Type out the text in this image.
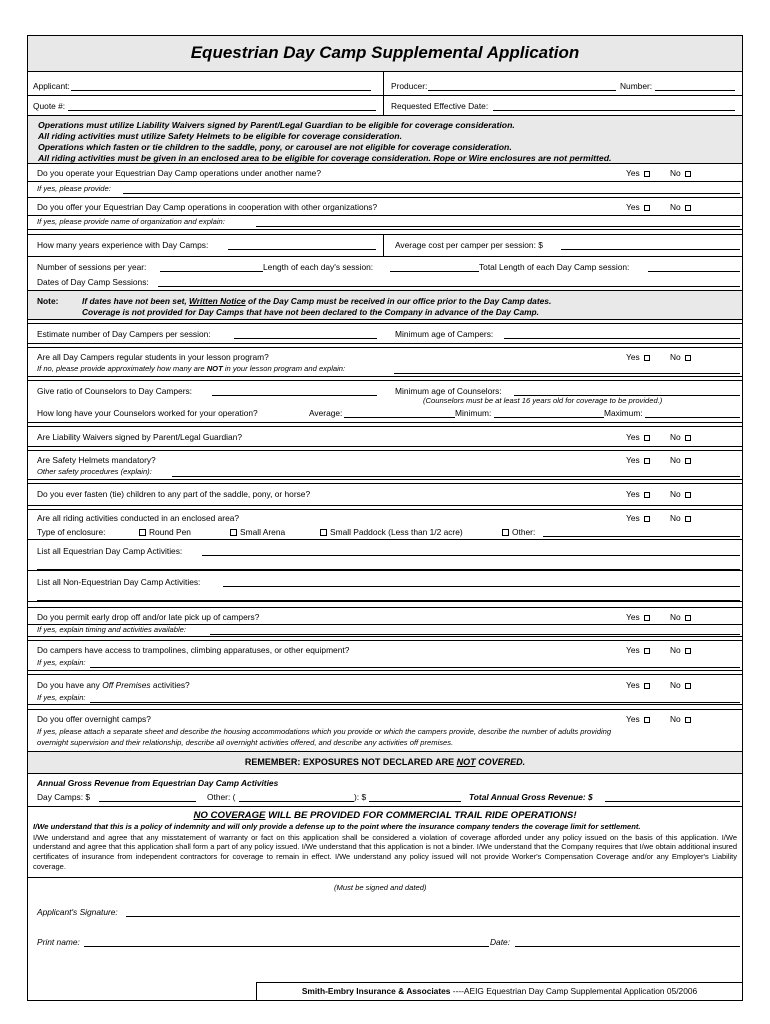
Equestrian Day Camp Supplemental Application
Applicant:	Producer:	Number:
Quote #:	Requested Effective Date:
Operations must utilize Liability Waivers signed by Parent/Legal Guardian to be eligible for coverage consideration.
All riding activities must utilize Safety Helmets to be eligible for coverage consideration.
Operations which fasten or tie children to the saddle, pony, or carousel are not eligible for coverage consideration.
All riding activities must be given in an enclosed area to be eligible for coverage consideration. Rope or Wire enclosures are not permitted.
Do you operate your Equestrian Day Camp operations under another name?	Yes	No
If yes, please provide:
Do you offer your Equestrian Day Camp operations in cooperation with other organizations?	Yes	No
If yes, please provide name of organization and explain:
How many years experience with Day Camps:	Average cost per camper per session: $
Number of sessions per year:	Length of each day's session:	Total Length of each Day Camp session:
Dates of Day Camp Sessions:
Note:	If dates have not been set, Written Notice of the Day Camp must be received in our office prior to the Day Camp dates.
Coverage is not provided for Day Camps that have not been declared to the Company in advance of the Day Camp.
Estimate number of Day Campers per session:	Minimum age of Campers:
Are all Day Campers regular students in your lesson program?	Yes	No
If no, please provide approximately how many are NOT in your lesson program and explain:
Give ratio of Counselors to Day Campers:	Minimum age of Counselors:
(Counselors must be at least 16 years old for coverage to be provided.)
How long have your Counselors worked for your operation?	Average:	Minimum:	Maximum:
Are Liability Waivers signed by Parent/Legal Guardian?	Yes	No
Are Safety Helmets mandatory?	Yes	No
Other safety procedures (explain):
Do you ever fasten (tie) children to any part of the saddle, pony, or horse?	Yes	No
Are all riding activities conducted in an enclosed area?	Yes	No
Type of enclosure:	Round Pen	Small Arena	Small Paddock (Less than 1/2 acre)	Other:
List all Equestrian Day Camp Activities:
List all Non-Equestrian Day Camp Activities:
Do you permit early drop off and/or late pick up of campers?	Yes	No
If yes, explain timing and activities available:
Do campers have access to trampolines, climbing apparatuses, or other equipment?	Yes	No
If yes, explain:
Do you have any Off Premises activities?	Yes	No
If yes, explain:
Do you offer overnight camps?	Yes	No
If yes, please attach a separate sheet and describe the housing accommodations which you provide or which the campers provide, describe the number of adults providing
overnight supervision and their relationship, describe all overnight activities offered, and describe any activities off premises.
REMEMBER: EXPOSURES NOT DECLARED ARE NOT COVERED.
Annual Gross Revenue from Equestrian Day Camp Activities
Day Camps: $	Other: (	): $	Total Annual Gross Revenue: $
NO COVERAGE WILL BE PROVIDED FOR COMMERCIAL TRAIL RIDE OPERATIONS!
I/We understand that this is a policy of indemnity and will only provide a defense up to the point where the insurance company tenders the coverage limit for settlement.
I/We understand and agree that any misstatement of warranty or fact on this application shall be considered a violation of coverage afforded under any policy issued on the basis of this application. I/We understand and agree that this application shall form a part of any policy issued. I/We understand that this application is not a binder. I/We understand that the Company requires that I/we obtain additional insured certificates of insurance from independent contractors for coverage to remain in effect. I/We understand any policy issued will not provide Worker's Compensation Coverage and/or any Employer's Liability coverage.
(Must be signed and dated)
Applicant's Signature:
Print name:	Date:
Smith-Embry Insurance & Associates ----AEIG Equestrian Day Camp Supplemental Application 05/2006
